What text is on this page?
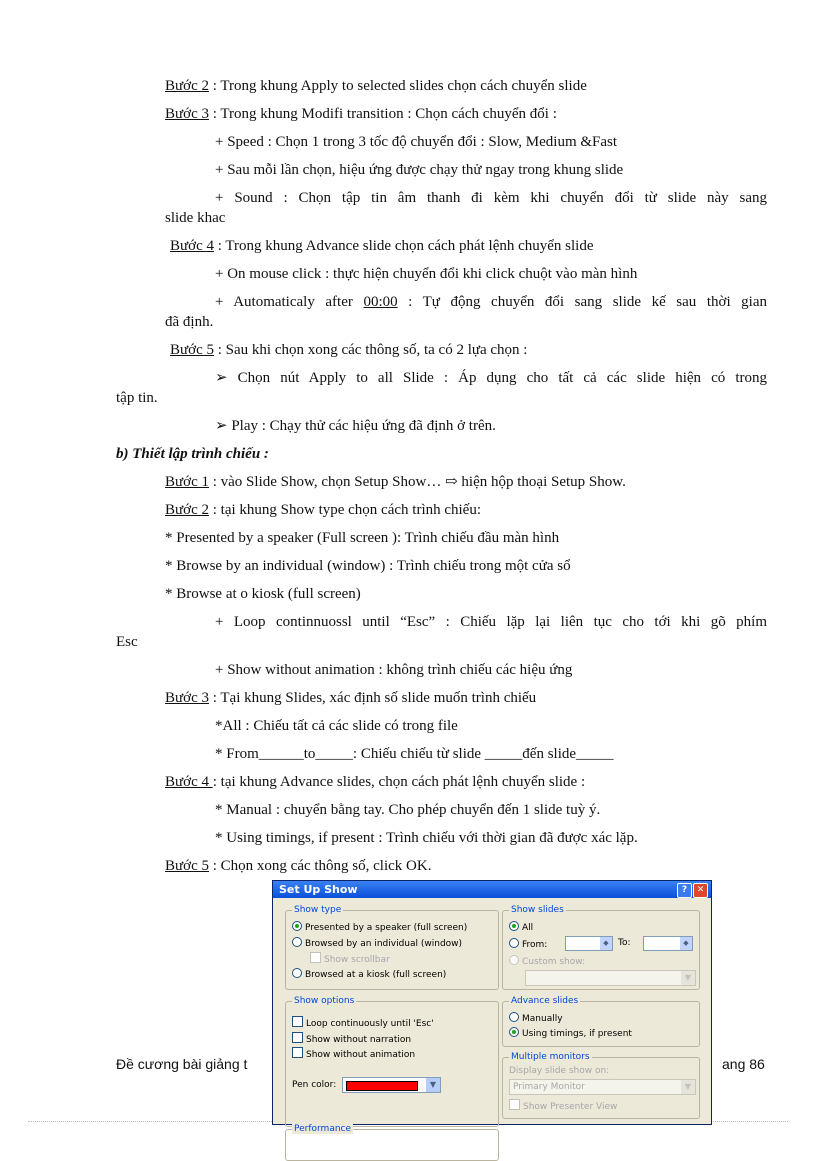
Bước 2 : Trong khung Apply to selected slides chọn cách chuyển slide
Bước 3 : Trong khung Modifi transition : Chọn cách chuyển đổi :
+ Speed : Chọn 1 trong 3 tốc độ chuyển đổi : Slow, Medium &Fast
+ Sau mỗi lần chọn, hiệu ứng được chạy thử ngay trong khung slide
+ Sound : Chọn tập tin âm thanh đi kèm khi chuyển đổi từ slide này sang
slide khac
Bước 4 : Trong khung Advance slide chọn cách phát lệnh chuyển slide
+ On mouse click : thực hiện chuyển đổi khi click chuột vào màn hình
+ Automaticaly after 00:00 : Tự động chuyển đổi sang slide kế sau thời gian
đã định.
Bước 5 : Sau khi chọn xong các thông số, ta có 2 lựa chọn :
➢ Chọn nút Apply to all Slide : Áp dụng cho tất cả các slide hiện có trong
tập tin.
➢ Play : Chạy thử các hiệu ứng đã định ở trên.
b) Thiết lập trình chiếu :
Bước 1 : vào Slide Show, chọn Setup Show… ⇨ hiện hộp thoại Setup Show.
Bước 2 : tại khung Show type chọn cách trình chiếu:
* Presented by a speaker (Full screen ): Trình chiếu đầu màn hình
* Browse by an individual (window) : Trình chiếu trong một cửa sổ
* Browse at o kiosk (full screen)
+ Loop continnuossl until “Esc” : Chiếu lặp lại liên tục cho tới khi gõ phím
Esc
+ Show without animation : không trình chiếu các hiệu ứng
Bước 3 : Tại khung Slides, xác định số slide muốn trình chiếu
*All : Chiếu tất cả các slide có trong file
* From______to_____: Chiếu chiếu từ slide _____đến slide_____
Bước 4 : tại khung Advance slides, chọn cách phát lệnh chuyển slide :
* Manual : chuyển bằng tay. Cho phép chuyển đến 1 slide tuỳ ý.
* Using timings, if present : Trình chiếu với thời gian đã được xác lặp.
Bước 5 : Chọn xong các thông số, click OK.
Đề cương bài giảng t	ang 86
Set Up Show	?	✕
Show type
Presented by a speaker (full screen)
Browsed by an individual (window)
Show scrollbar
Browsed at a kiosk (full screen)
Show slides
All
From:	◆	To:	◆
Custom show:
▼
Show options
Loop continuously until 'Esc'
Show without narration
Show without animation
Pen color:	▼
Advance slides
Manually
Using timings, if present
Multiple monitors
Display slide show on:
Primary Monitor	▼
Show Presenter View
Performance
